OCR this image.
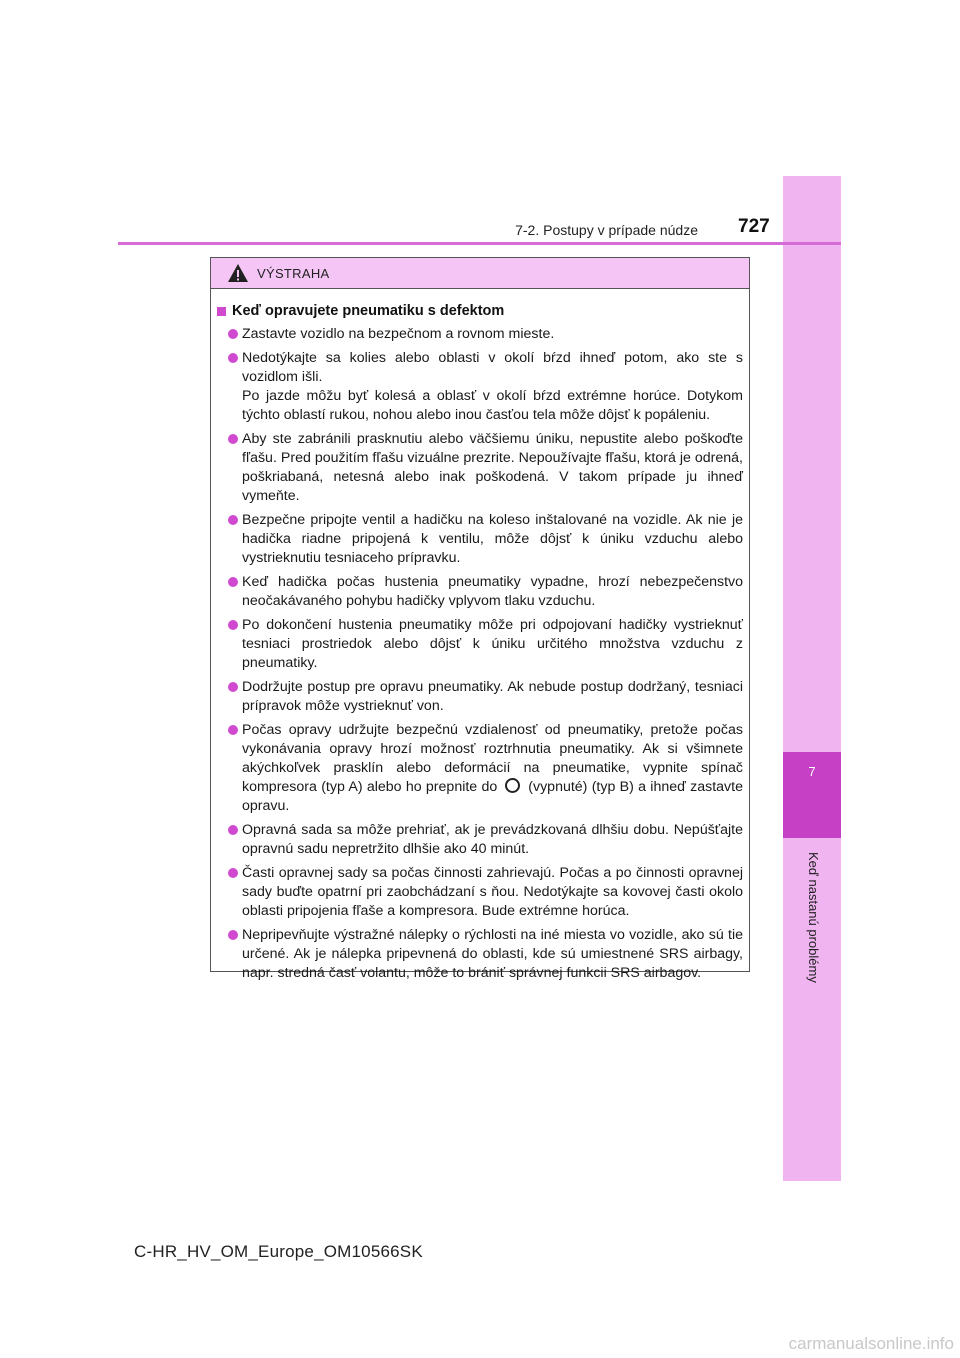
7
Keď nastanú problémy
7-2. Postupy v prípade núdze 727
VÝSTRAHA
Keď opravujete pneumatiku s defektom

Zastavte vozidlo na bezpečnom a rovnom mieste.

Nedotýkajte sa kolies alebo oblasti v okolí bŕzd ihneď potom, ako ste s vozidlom išli.

Po jazde môžu byť kolesá a oblasť v okolí bŕzd extrémne horúce. Dotykom týchto oblastí rukou, nohou alebo inou časťou tela môže dôjsť k popáleniu.

Aby ste zabránili prasknutiu alebo väčšiemu úniku, nepustite alebo poškoďte fľašu. Pred použitím fľašu vizuálne prezrite. Nepoužívajte fľašu, ktorá je odrená, poškriabaná, netesná alebo inak poškodená. V takom prípade ju ihneď vymeňte.

Bezpečne pripojte ventil a hadičku na koleso inštalované na vozidle. Ak nie je hadička riadne pripojená k ventilu, môže dôjsť k úniku vzduchu alebo vystrieknutiu tesniaceho prípravku.

Keď hadička počas hustenia pneumatiky vypadne, hrozí nebezpečenstvo neočakávaného pohybu hadičky vplyvom tlaku vzduchu.

Po dokončení hustenia pneumatiky môže pri odpojovaní hadičky vystrieknuť tesniaci prostriedok alebo dôjsť k úniku určitého množstva vzduchu z pneumatiky.

Dodržujte postup pre opravu pneumatiky. Ak nebude postup dodržaný, tesniaci prípravok môže vystrieknuť von.

Počas opravy udržujte bezpečnú vzdialenosť od pneumatiky, pretože počas vykonávania opravy hrozí možnosť roztrhnutia pneumatiky. Ak si všimnete akýchkoľvek prasklín alebo deformácií na pneumatike, vypnite spínač kompresora (typ A) alebo ho prepnite do (vypnuté) (typ B) a ihneď zastavte opravu.

Opravná sada sa môže prehriať, ak je prevádzkovaná dlhšiu dobu. Nepúšťajte opravnú sadu nepretržito dlhšie ako 40 minút.

Časti opravnej sady sa počas činnosti zahrievajú. Počas a po činnosti opravnej sady buďte opatrní pri zaobchádzaní s ňou. Nedotýkajte sa kovovej časti okolo oblasti pripojenia fľaše a kompresora. Bude extrémne horúca.

Nepripevňujte výstražné nálepky o rýchlosti na iné miesta vo vozidle, ako sú tie určené. Ak je nálepka pripevnená do oblasti, kde sú umiestnené SRS airbagy, napr. stredná časť volantu, môže to brániť správnej funkcii SRS airbagov.

C-HR_HV_OM_Europe_OM10566SK
carmanualsonline.info
